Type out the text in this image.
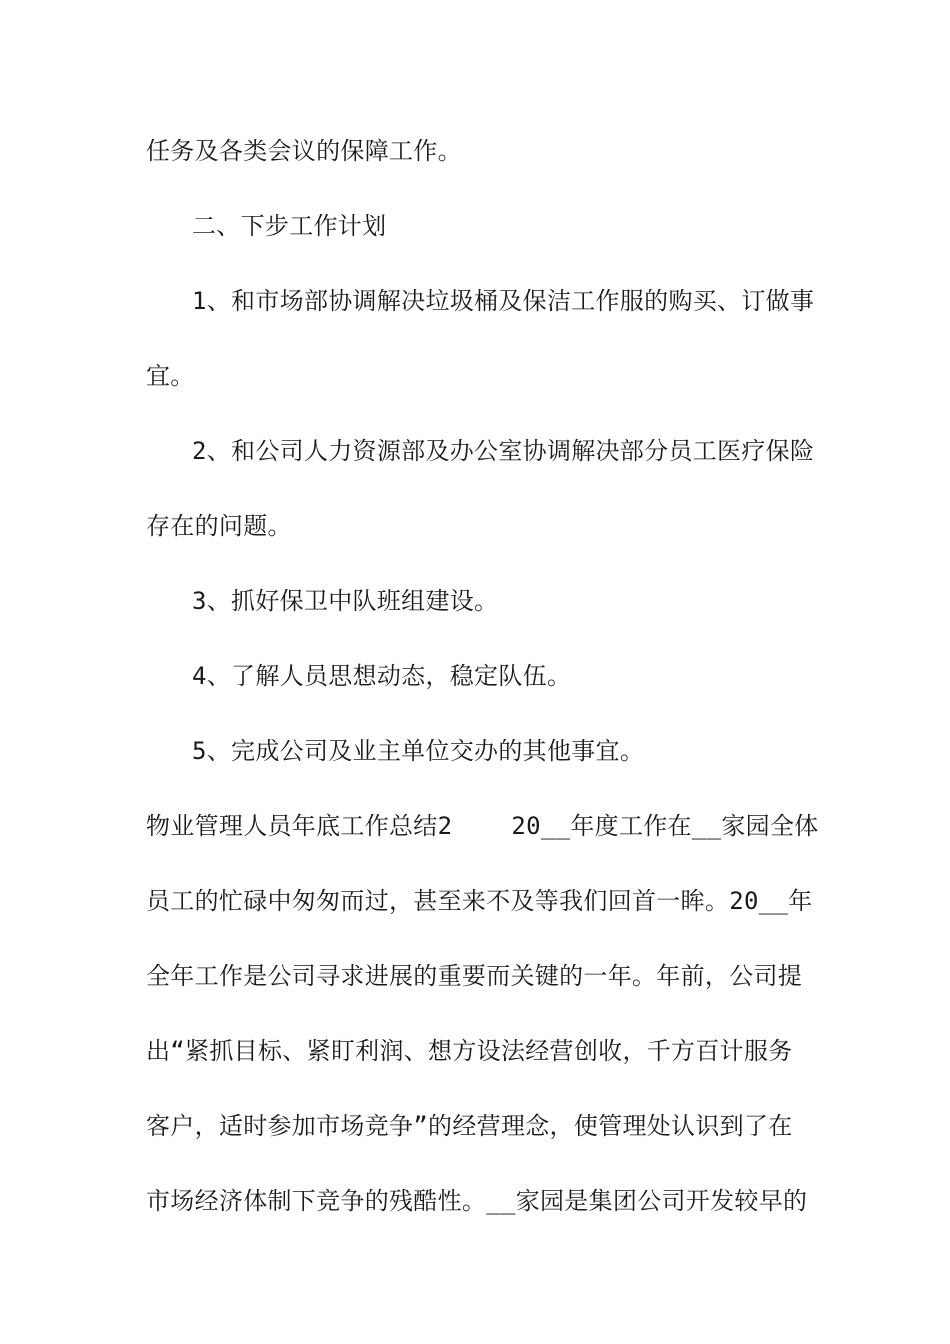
任务及各类会议的保障工作。
二、下步工作计划
1、和市场部协调解决垃圾桶及保洁工作服的购买、订做事
宜。
2、和公司人力资源部及办公室协调解决部分员工医疗保险
存在的问题。
3、抓好保卫中队班组建设。
4、了解人员思想动态，稳定队伍。
5、完成公司及业主单位交办的其他事宜。
物业管理人员年底工作总结2    20__年度工作在__家园全体
员工的忙碌中匆匆而过，甚至来不及等我们回首一眸。20__年
全年工作是公司寻求进展的重要而关键的一年。年前，公司提
出“紧抓目标、紧盯利润、想方设法经营创收，千方百计服务
客户，适时参加市场竞争”的经营理念，使管理处认识到了在
市场经济体制下竞争的残酷性。__家园是集团公司开发较早的
